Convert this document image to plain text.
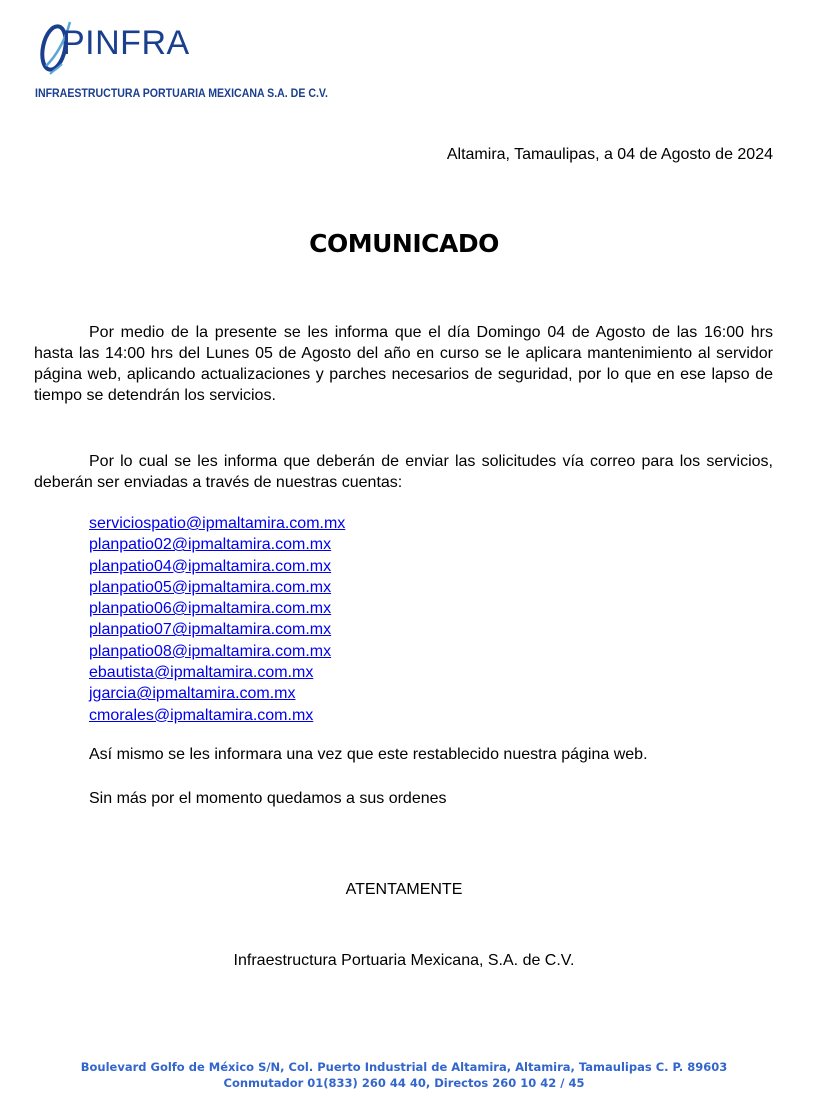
PINFRA
INFRAESTRUCTURA PORTUARIA MEXICANA S.A. DE C.V.
Altamira, Tamaulipas, a 04 de Agosto de 2024
COMUNICADO
Por medio de la presente se les informa que el día Domingo 04 de Agosto de las 16:00 hrs hasta las 14:00 hrs del Lunes 05 de Agosto del año en curso se le aplicara mantenimiento al servidor página web, aplicando actualizaciones y parches necesarios de seguridad, por lo que en ese lapso de tiempo se detendrán los servicios.
Por lo cual se les informa que deberán de enviar las solicitudes vía correo para los servicios, deberán ser enviadas a través de nuestras cuentas:
serviciospatio@ipmaltamira.com.mx
planpatio02@ipmaltamira.com.mx
planpatio04@ipmaltamira.com.mx
planpatio05@ipmaltamira.com.mx
planpatio06@ipmaltamira.com.mx
planpatio07@ipmaltamira.com.mx
planpatio08@ipmaltamira.com.mx
ebautista@ipmaltamira.com.mx
jgarcia@ipmaltamira.com.mx
cmorales@ipmaltamira.com.mx
Así mismo se les informara una vez que este restablecido nuestra página web.
Sin más por el momento quedamos a sus ordenes
ATENTAMENTE
Infraestructura Portuaria Mexicana, S.A. de C.V.
Boulevard Golfo de México S/N, Col. Puerto Industrial de Altamira, Altamira, Tamaulipas C. P. 89603
Conmutador 01(833) 260 44 40, Directos 260 10 42 / 45
